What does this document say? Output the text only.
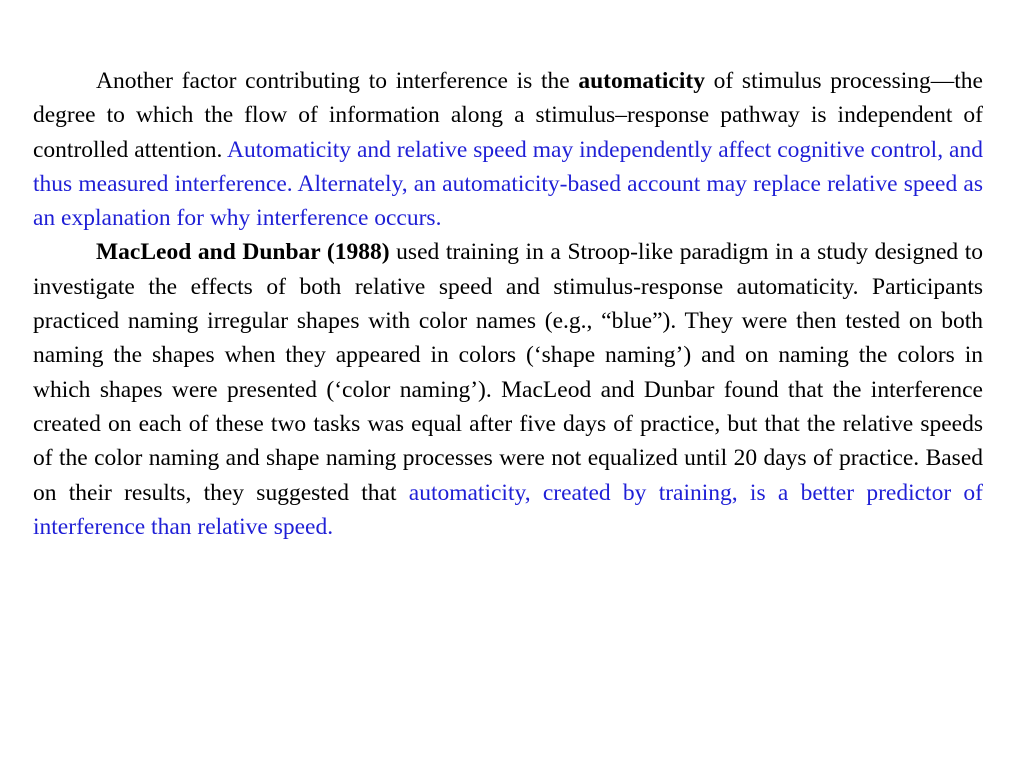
Another factor contributing to interference is the automaticity of stimulus processing—the degree to which the flow of information along a stimulus–response pathway is independent of controlled attention. Automaticity and relative speed may independently affect cognitive control, and thus measured interference. Alternately, an automaticity-based account may replace relative speed as an explanation for why interference occurs.

MacLeod and Dunbar (1988) used training in a Stroop-like paradigm in a study designed to investigate the effects of both relative speed and stimulus-response automaticity. Participants practiced naming irregular shapes with color names (e.g., “blue”). They were then tested on both naming the shapes when they appeared in colors (‘shape naming’) and on naming the colors in which shapes were presented (‘color naming’). MacLeod and Dunbar found that the interference created on each of these two tasks was equal after five days of practice, but that the relative speeds of the color naming and shape naming processes were not equalized until 20 days of practice. Based on their results, they suggested that automaticity, created by training, is a better predictor of interference than relative speed.
